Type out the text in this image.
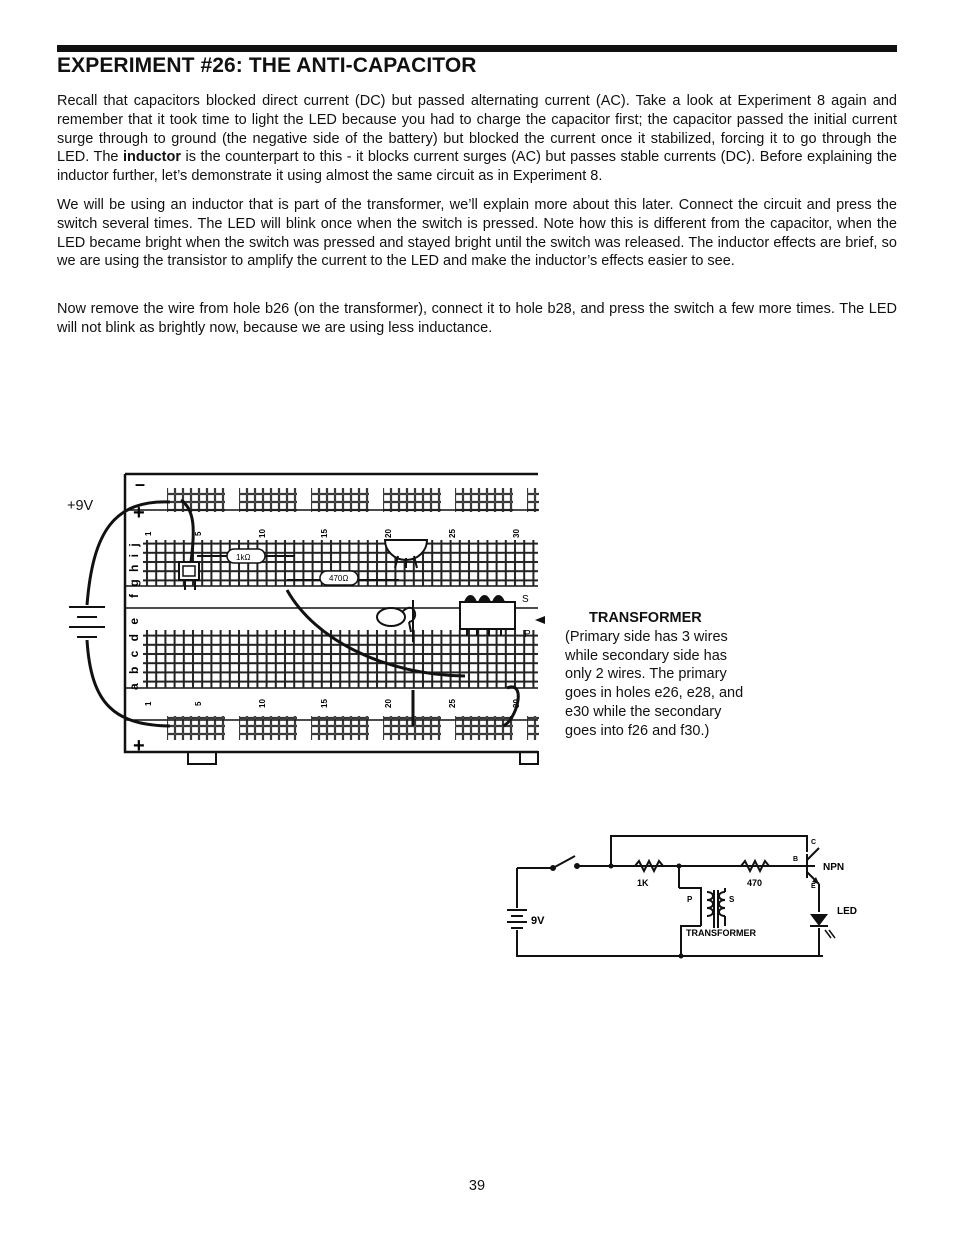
EXPERIMENT #26: THE ANTI-CAPACITOR

Recall that capacitors blocked direct current (DC) but passed alternating current (AC). Take a look at Experiment 8 again and remember that it took time to light the LED because you had to charge the capacitor first; the capacitor passed the initial current surge through to ground (the negative side of the battery) but blocked the current once it stabilized, forcing it to go through the LED. The inductor is the counterpart to this - it blocks current surges (AC) but passes stable currents (DC). Before explaining the inductor further, let’s demonstrate it using almost the same circuit as in Experiment 8.

We will be using an inductor that is part of the transformer, we’ll explain more about this later. Connect the circuit and press the switch several times. The LED will blink once when the switch is pressed. Note how this is different from the capacitor, when the LED became bright when the switch was pressed and stayed bright until the switch was released. The inductor effects are brief, so we are using the transistor to amplify the current to the LED and make the inductor’s effects easier to see.

Now remove the wire from hole b26 (on the transformer), connect it to hole b28, and press the switch a few more times. The LED will not blink as brightly now, because we are using less inductance.

+9V
–
+
+
f g h i j
a b c d e
1	5	10	15	20	25	30
1	5	10	15	20	25	30
1kΩ
470Ω
S
P
TRANSFORMER
(Primary side has 3 wires while secondary side has only 2 wires. The primary goes in holes e26, e28, and e30 while the secondary goes into f26 and f30.)
9V
1K	470
P	S
TRANSFORMER
C
B
E
NPN
LED
39
